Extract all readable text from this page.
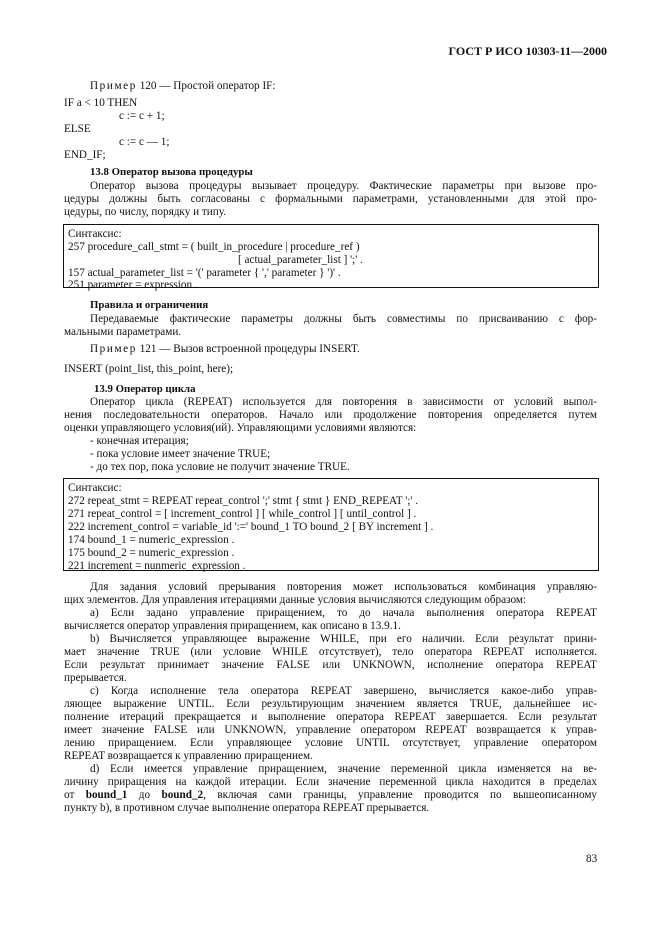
ГОСТ Р ИСО 10303-11—2000
Пример 120 — Простой оператор IF:
IF a < 10 THEN
c := c + 1;
ELSE
c := c — 1;
END_IF;
13.8 Оператор вызова процедуры
Оператор вызова процедуры вызывает процедуру. Фактические параметры при вызове про-
цедуры должны быть согласованы с формальными параметрами, установленными для этой про-
цедуры, по числу, порядку и типу.
Синтаксис:
257 procedure_call_stmt = ( built_in_procedure | procedure_ref )
[ actual_parameter_list ] ';' .
157 actual_parameter_list = '(' parameter { ',' parameter } ')' .
251 parameter = expression .
Правила и ограничения
Передаваемые фактические параметры должны быть совместимы по присваиванию с фор-
мальными параметрами.
Пример 121 — Вызов встроенной процедуры INSERT.
INSERT (point_list, this_point, here);
13.9 Оператор цикла
Оператор цикла (REPEAT) используется для повторения в зависимости от условий выпол-
нения последовательности операторов. Начало или продолжение повторения определяется путем
оценки управляющего условия(ий). Управляющими условиями являются:
- конечная итерация;
- пока условие имеет значение TRUE;
- до тех пор, пока условие не получит значение TRUE.
Синтаксис:
272 repeat_stmt = REPEAT repeat_control ';' stmt { stmt } END_REPEAT ';' .
271 repeat_control = [ increment_control ] [ while_control ] [ until_control ] .
222 increment_control = variable_id ':=' bound_1 TO bound_2 [ BY increment ] .
174 bound_1 = numeric_expression .
175 bound_2 = numeric_expression .
221 increment = nunmeric_expression .
Для задания условий прерывания повторения может использоваться комбинация управляю-
щих элементов. Для управления итерациями данные условия вычисляются следующим образом:
а) Если задано управление приращением, то до начала выполнения оператора REPEAT
вычисляется оператор управления приращением, как описано в 13.9.1.
b) Вычисляется управляющее выражение WHILE, при его наличии. Если результат прини-
мает значение TRUE (или условие WHILE отсутствует), тело оператора REPEAT исполняется.
Если результат принимает значение FALSE или UNKNOWN, исполнение оператора REPEAT
прерывается.
с) Когда исполнение тела оператора REPEAT завершено, вычисляется какое-либо управ-
ляющее выражение UNTIL. Если результирующим значением является TRUE, дальнейшее ис-
полнение итераций прекращается и выполнение оператора REPEAT завершается. Если результат
имеет значение FALSE или UNKNOWN, управление оператором REPEAT возвращается к управ-
лению приращением. Если управляющее условие UNTIL отсутствует, управление оператором
REPEAT возвращается к управлению приращением.
d) Если имеется управление приращением, значение переменной цикла изменяется на ве-
личину приращения на каждой итерации. Если значение переменной цикла находится в пределах
от bound_1 до bound_2, включая сами границы, управление проводится по вышеописанному
пункту b), в противном случае выполнение оператора REPEAT прерывается.
83
